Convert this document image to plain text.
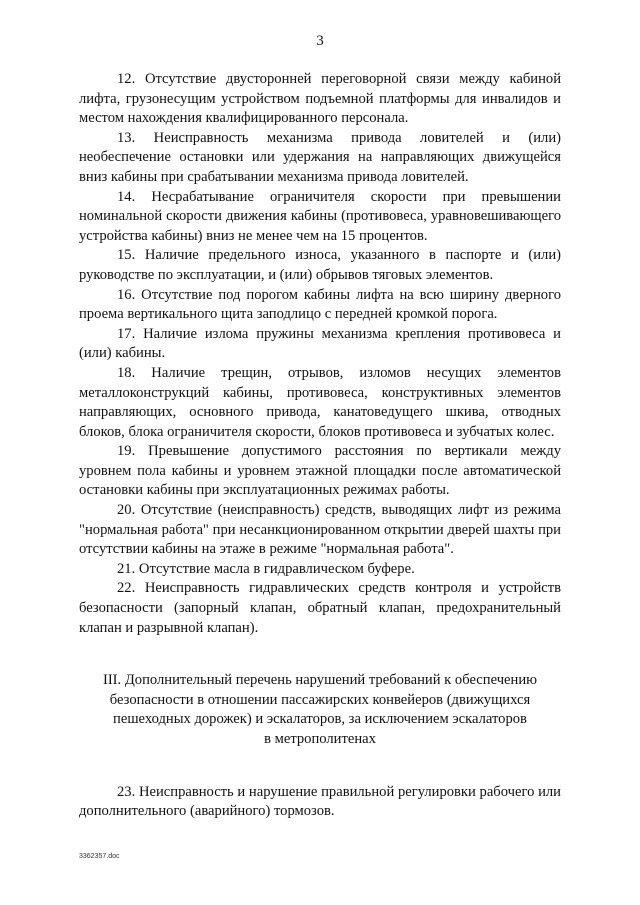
3

12. Отсутствие двусторонней переговорной связи между кабиной лифта, грузонесущим устройством подъемной платформы для инвалидов и местом нахождения квалифицированного персонала.

13. Неисправность механизма привода ловителей и (или) необеспечение остановки или удержания на направляющих движущейся вниз кабины при срабатывании механизма привода ловителей.

14. Несрабатывание ограничителя скорости при превышении номинальной скорости движения кабины (противовеса, уравновешивающего устройства кабины) вниз не менее чем на 15 процентов.

15. Наличие предельного износа, указанного в паспорте и (или) руководстве по эксплуатации, и (или) обрывов тяговых элементов.

16. Отсутствие под порогом кабины лифта на всю ширину дверного проема вертикального щита заподлицо с передней кромкой порога.

17. Наличие излома пружины механизма крепления противовеса и (или) кабины.

18. Наличие трещин, отрывов, изломов несущих элементов металлоконструкций кабины, противовеса, конструктивных элементов направляющих, основного привода, канатоведущего шкива, отводных блоков, блока ограничителя скорости, блоков противовеса и зубчатых колес.

19. Превышение допустимого расстояния по вертикали между уровнем пола кабины и уровнем этажной площадки после автоматической остановки кабины при эксплуатационных режимах работы.

20. Отсутствие (неисправность) средств, выводящих лифт из режима "нормальная работа" при несанкционированном открытии дверей шахты при отсутствии кабины на этаже в режиме "нормальная работа".

21. Отсутствие масла в гидравлическом буфере.

22. Неисправность гидравлических средств контроля и устройств безопасности (запорный клапан, обратный клапан, предохранительный клапан и разрывной клапан).

III. Дополнительный перечень нарушений требований к обеспечению
безопасности в отношении пассажирских конвейеров (движущихся
пешеходных дорожек) и эскалаторов, за исключением эскалаторов
в метрополитенах

23. Неисправность и нарушение правильной регулировки рабочего или дополнительного (аварийного) тормозов.

3362357.doc
